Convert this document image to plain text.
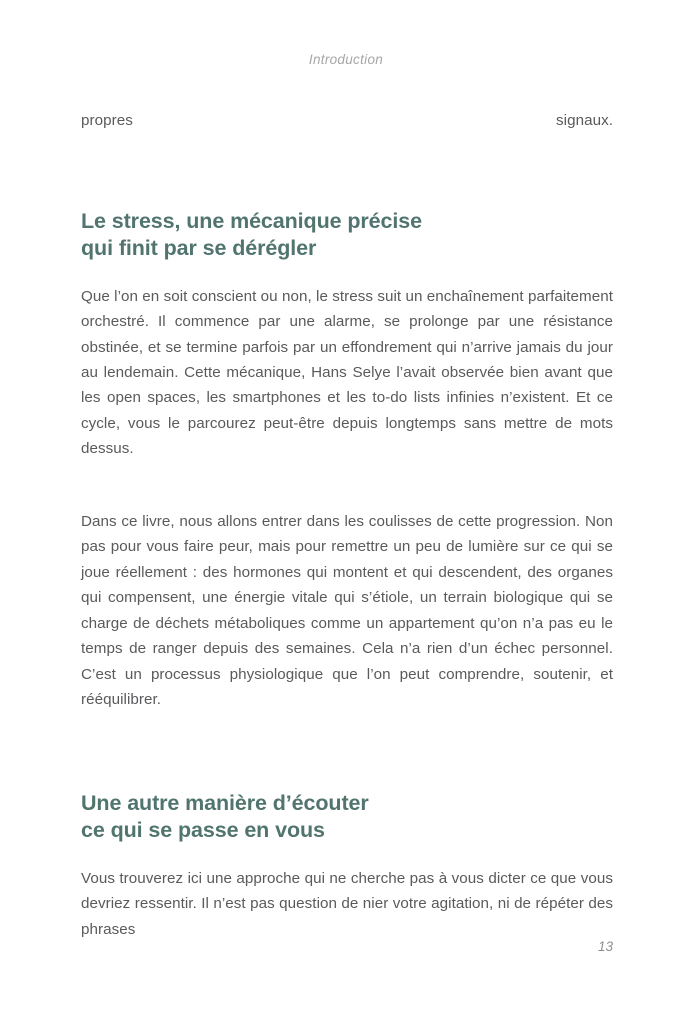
Introduction

propres signaux.

Le stress, une mécanique précise
qui finit par se dérégler

Que l’on en soit conscient ou non, le stress suit un enchaînement parfaitement orchestré. Il commence par une alarme, se prolonge par une résistance obstinée, et se termine parfois par un effondrement qui n’arrive jamais du jour au lendemain. Cette mécanique, Hans Selye l’avait observée bien avant que les open spaces, les smartphones et les to-do lists infinies n’existent. Et ce cycle, vous le parcourez peut-être depuis longtemps sans mettre de mots dessus.

Dans ce livre, nous allons entrer dans les coulisses de cette progression. Non pas pour vous faire peur, mais pour remettre un peu de lumière sur ce qui se joue réellement : des hormones qui montent et qui descendent, des organes qui compensent, une énergie vitale qui s’étiole, un terrain biologique qui se charge de déchets métaboliques comme un appartement qu’on n’a pas eu le temps de ranger depuis des semaines. Cela n’a rien d’un échec personnel. C’est un processus physiologique que l’on peut comprendre, soutenir, et rééquilibrer.

Une autre manière d’écouter
ce qui se passe en vous

Vous trouverez ici une approche qui ne cherche pas à vous dicter ce que vous devriez ressentir. Il n’est pas question de nier votre agitation, ni de répéter des phrases

13
